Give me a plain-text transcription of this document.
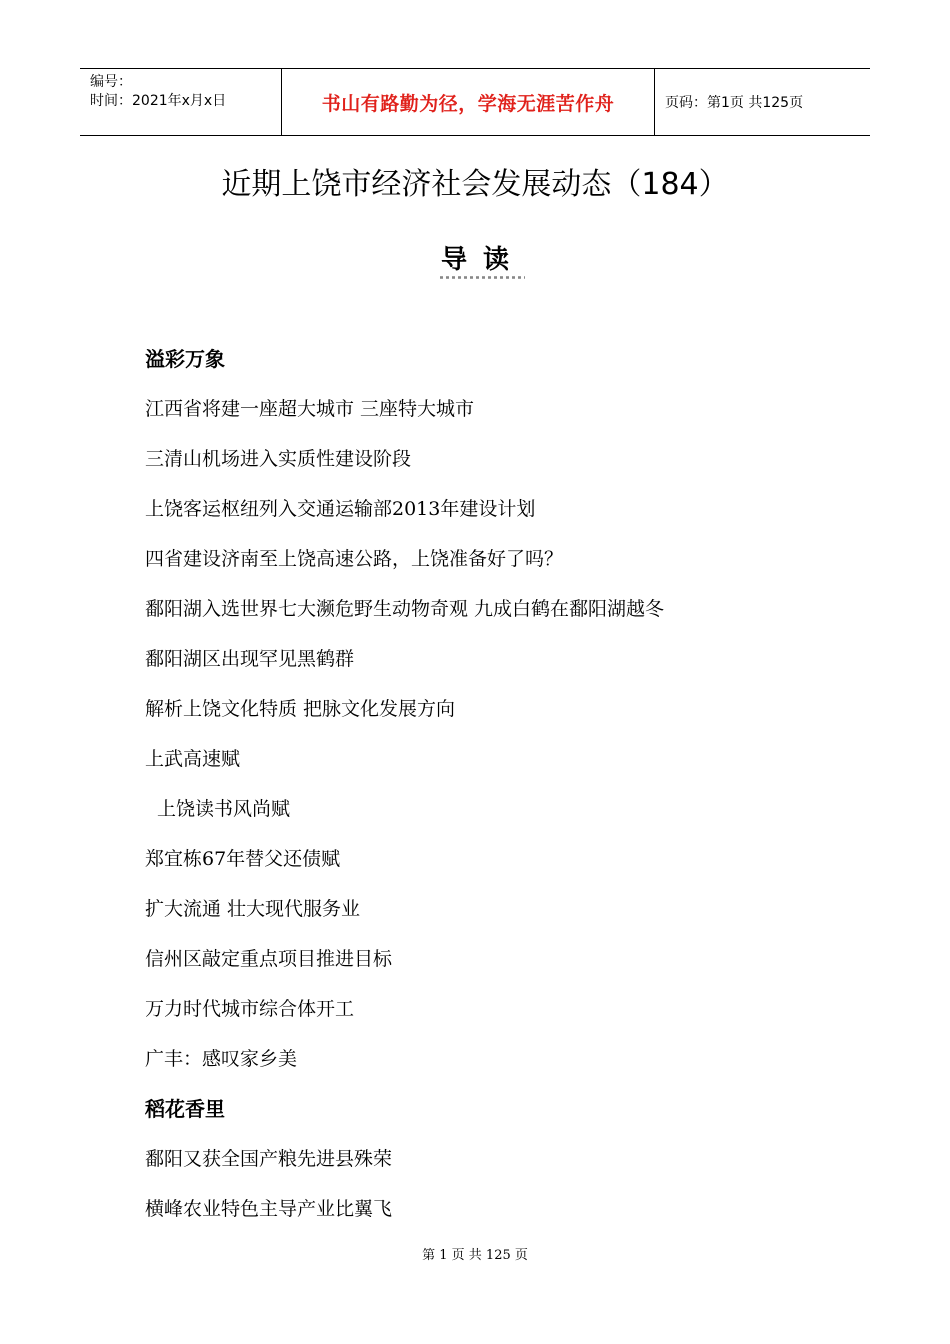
编号：
时间：2021年x月x日	书山有路勤为径，学海无涯苦作舟	页码：第1页 共125页
近期上饶市经济社会发展动态（184）
导读
溢彩万象
江西省将建一座超大城市 三座特大城市
三清山机场进入实质性建设阶段
上饶客运枢纽列入交通运输部2013年建设计划
四省建设济南至上饶高速公路，上饶准备好了吗？
鄱阳湖入选世界七大濒危野生动物奇观 九成白鹤在鄱阳湖越冬
鄱阳湖区出现罕见黑鹤群
解析上饶文化特质 把脉文化发展方向
上武高速赋
上饶读书风尚赋
郑宜栋67年替父还债赋
扩大流通 壮大现代服务业
信州区敲定重点项目推进目标
万力时代城市综合体开工
广丰：感叹家乡美
稻花香里
鄱阳又获全国产粮先进县殊荣
横峰农业特色主导产业比翼飞
第 1 页 共 125 页
